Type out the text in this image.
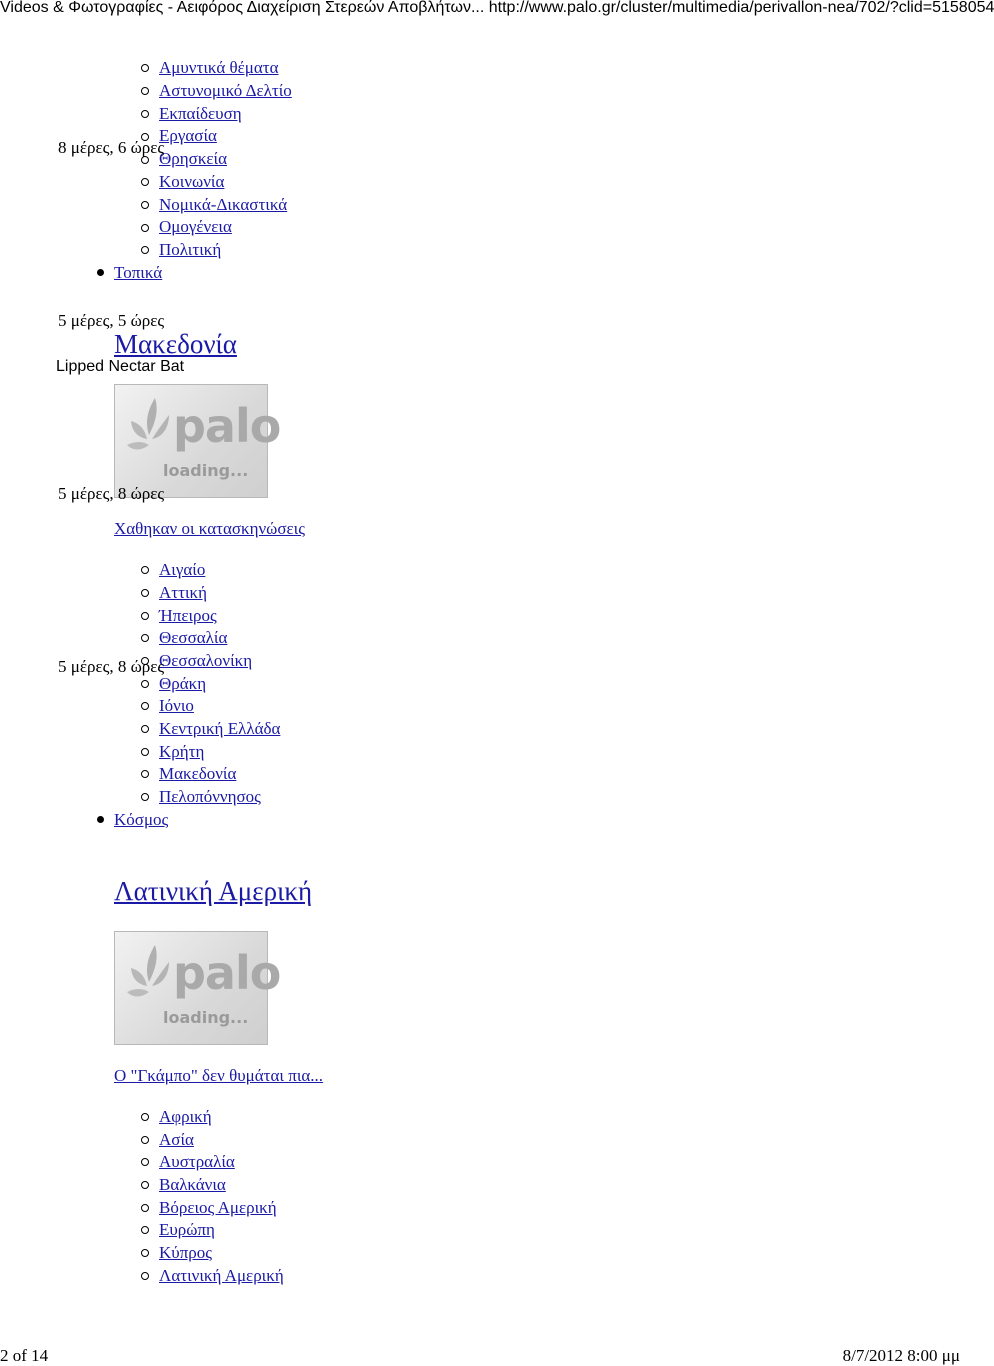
Videos & Φωτογραφίες - Αειφόρος Διαχείριση Στερεών Αποβλήτων... http://www.palo.gr/cluster/multimedia/perivallon-nea/702/?clid=5158054
Αμυντικά θέματα
Αστυνομικό Δελτίο
Εκπαίδευση
Εργασία
Θρησκεία
Κοινωνία
Νομικά-Δικαστικά
Ομογένεια
Πολιτική
Τοπικά
8 μέρες, 6 ώρες
5 μέρες, 5 ώρες
Μακεδονία
Lipped Nectar Bat
palo
loading...
5 μέρες, 8 ώρες
Χαθηκαν οι κατασκηνώσεις
Αιγαίο
Αττική
Ήπειρος
Θεσσαλία
Θεσσαλονίκη
Θράκη
Ιόνιο
Κεντρική Ελλάδα
Κρήτη
Μακεδονία
Πελοπόννησος
Κόσμος
5 μέρες, 8 ώρες
Λατινική Αμερική
palo
loading...
Ο "Γκάμπο" δεν θυμάται πια...
Αφρική
Ασία
Αυστραλία
Βαλκάνια
Βόρειος Αμερική
Ευρώπη
Κύπρος
Λατινική Αμερική
2 of 14	8/7/2012 8:00 μμ
